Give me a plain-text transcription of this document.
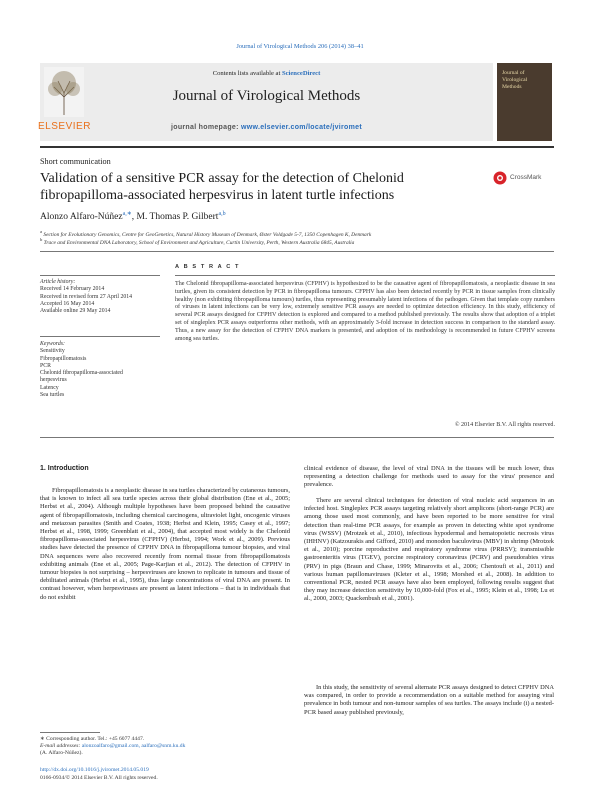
Journal of Virological Methods 206 (2014) 38–41
ELSEVIER
Contents lists available at ScienceDirect
Journal of Virological Methods
journal homepage: www.elsevier.com/locate/jviromet
Journal of Virological Methods
Short communication
Validation of a sensitive PCR assay for the detection of Chelonid fibropapilloma-associated herpesvirus in latent turtle infections
CrossMark
Alonzo Alfaro-Núñez$^{a,∗}$, M. Thomas P. Gilbert$^{a,b}$
$^a$ Section for Evolutionary Genomics, Centre for GeoGenetics, Natural History Museum of Denmark, Øster Voldgade 5-7, 1350 Copenhagen K, Denmark
$^b$ Trace and Environmental DNA Laboratory, School of Environment and Agriculture, Curtin University, Perth, Western Australia 6845, Australia
Article history:
Received 14 February 2014
Received in revised form 27 April 2014
Accepted 16 May 2014
Available online 29 May 2014
Keywords:
Sensitivity
Fibropapillomatosis
PCR
Chelonid fibropapilloma-associated
herpesvirus
Latency
Sea turtles
A B S T R A C T
The Chelonid fibropapilloma-associated herpesvirus (CFPHV) is hypothesized to be the causative agent of fibropapillomatosis, a neoplastic disease in sea turtles, given its consistent detection by PCR in fibropapilloma tumours. CFPHV has also been detected recently by PCR in tissue samples from clinically healthy (non exhibiting fibropapilloma tumours) turtles, thus representing presumably latent infections of the pathogen. Given that template copy numbers of viruses in latent infections can be very low, extremely sensitive PCR assays are needed to optimize detection efficiency. In this study, efficiency of several PCR assays designed for CFPHV detection is explored and compared to a method published previously. The results show that adoption of a triplet set of singleplex PCR assays outperforms other methods, with an approximately 3-fold increase in detection success in comparison to the standard assay. Thus, a new assay for the detection of CFPHV DNA markers is presented, and adoption of its methodology is recommended in future CFPHV screens among sea turtles.
© 2014 Elsevier B.V. All rights reserved.
1. Introduction
Fibropapillomatosis is a neoplastic disease in sea turtles characterized by cutaneous tumours, that is known to infect all sea turtle species across their global distribution (Ene et al., 2005; Herbst et al., 2004). Although multiple hypotheses have been proposed behind the causative agent of fibropapillomatosis, including chemical carcinogens, ultraviolet light, oncogenic viruses and metazoan parasites (Smith and Coates, 1938; Herbst and Klein, 1995; Casey et al., 1997; Herbst et al., 1998, 1999; Greenblatt et al., 2004), that accepted most widely is the Chelonid fibropapilloma-associated herpesvirus (CFPHV) (Herbst, 1994; Work et al., 2009). Previous studies have detected the presence of CFPHV DNA in fibropapilloma tumour biopsies, and viral DNA sequences were also recovered recently from normal tissue from fibropapillomatosis exhibiting animals (Ene et al., 2005; Page-Karjian et al., 2012). The detection of CFPHV in tumour biopsies is not surprising – herpesviruses are known to replicate in tumours and tissue of debilitated animals (Herbst et al., 1995), thus large concentrations of viral DNA are present. In contrast however, when herpesviruses are present as latent infections – that is in individuals that do not exhibit
clinical evidence of disease, the level of viral DNA in the tissues will be much lower, thus representing a detection challenge for methods used to assay for the virus' presence and prevalence.
There are several clinical techniques for detection of viral nucleic acid sequences in an infected host. Singleplex PCR assays targeting relatively short amplicons (short-range PCR) are among those used most commonly, and have been reported to be more sensitive for viral detection than real-time PCR assays, for example as proven in detecting white spot syndrome virus (WSSV) (Mrotzek et al., 2010), infectious hypodermal and hematopoietic necrosis virus (IHHNV) (Katzourakis and Gifford, 2010) and monodon baculovirus (MBV) in shrimp (Mrotzek et al., 2010); porcine reproductive and respiratory syndrome virus (PRRSV); transmissible gastroenteritis virus (TGEV), porcine respiratory coronavirus (PCRV) and pseudorabies virus (PRV) in pigs (Braun and Chase, 1999; Minarovits et al., 2006; Chentoufi et al., 2011) and various human papillomaviruses (Kleter et al., 1998; Morshed et al., 2008). In addition to conventional PCR, nested PCR assays have also been employed, following results suggest that they may increase detection sensitivity by 10,000-fold (Fox et al., 1995; Klein et al., 1998; Lu et al., 2000, 2003; Quackenbush et al., 2001).
In this study, the sensitivity of several alternate PCR assays designed to detect CFPHV DNA was compared, in order to provide a recommendation on a suitable method for assaying viral prevalence in both tumour and non-tumour samples of sea turtles. The assays include (i) a nested-PCR based assay published previously,
∗ Corresponding author. Tel.: +45 6077 4447.
E-mail addresses: alonzoalfaro@gmail.com, aalfaro@snm.ku.dk
(A. Alfaro-Núñez).
http://dx.doi.org/10.1016/j.jviromet.2014.05.019
0166-0934/© 2014 Elsevier B.V. All rights reserved.
